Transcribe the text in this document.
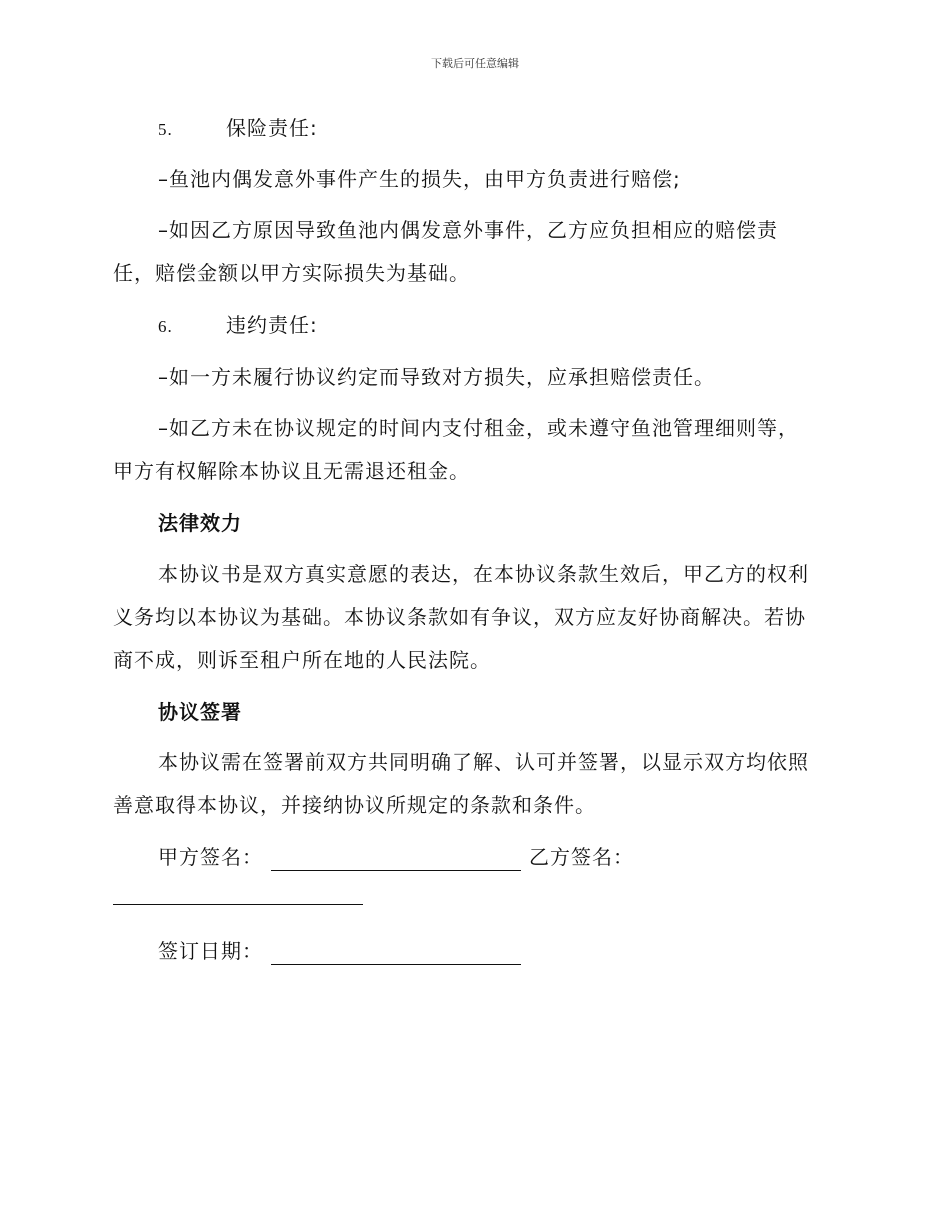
下载后可任意编辑
5.	保险责任:
–鱼池内偶发意外事件产生的损失，由甲方负责进行赔偿;
–如因乙方原因导致鱼池内偶发意外事件，乙方应负担相应的赔偿责
任，赔偿金额以甲方实际损失为基础。
6.	违约责任:
–如一方未履行协议约定而导致对方损失，应承担赔偿责任。
–如乙方未在协议规定的时间内支付租金，或未遵守鱼池管理细则等，
甲方有权解除本协议且无需退还租金。
法律效力
本协议书是双方真实意愿的表达，在本协议条款生效后，甲乙方的权利
义务均以本协议为基础。本协议条款如有争议，双方应友好协商解决。若协
商不成，则诉至租户所在地的人民法院。
协议签署
本协议需在签署前双方共同明确了解、认可并签署，以显示双方均依照
善意取得本协议，并接纳协议所规定的条款和条件。
甲方签名：	乙方签名：
签订日期：
